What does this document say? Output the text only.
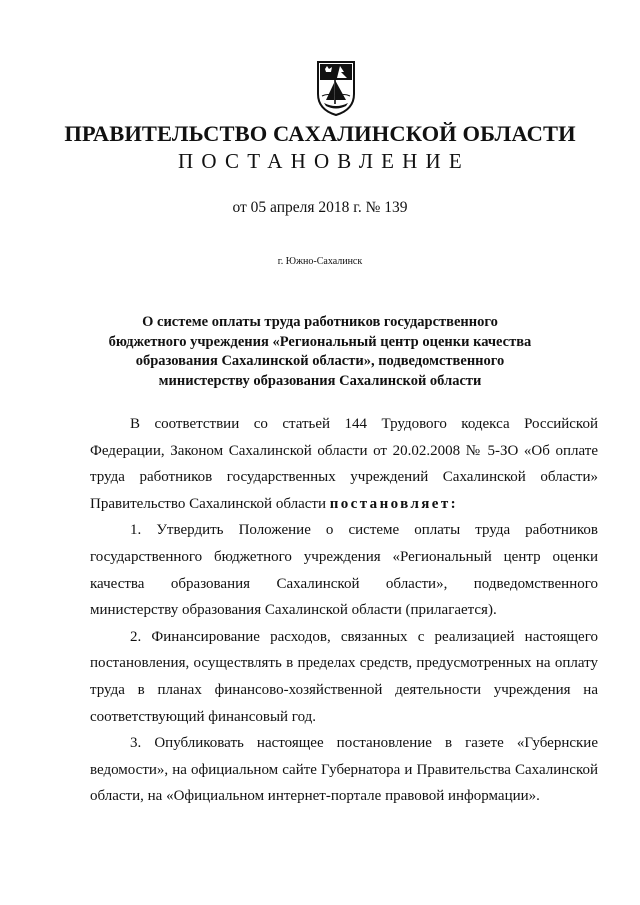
ПРАВИТЕЛЬСТВО САХАЛИНСКОЙ ОБЛАСТИ
ПОСТАНОВЛЕНИЕ
от 05 апреля 2018 г. № 139
г. Южно-Сахалинск
О системе оплаты труда работников государственного
бюджетного учреждения «Региональный центр оценки качества
образования Сахалинской области», подведомственного
министерству образования Сахалинской области

В соответствии со статьей 144 Трудового кодекса Российской Федерации, Законом Сахалинской области от 20.02.2008 № 5-ЗО «Об оплате труда работников государственных учреждений Сахалинской области» Правительство Сахалинской области постановляет:

1. Утвердить Положение о системе оплаты труда работников государственного бюджетного учреждения «Региональный центр оценки качества образования Сахалинской области», подведомственного министерству образования Сахалинской области (прилагается).

2. Финансирование расходов, связанных с реализацией настоящего постановления, осуществлять в пределах средств, предусмотренных на оплату труда в планах финансово-хозяйственной деятельности учреждения на соответствующий финансовый год.

3. Опубликовать настоящее постановление в газете «Губернские ведомости», на официальном сайте Губернатора и Правительства Сахалинской области, на «Официальном интернет-портале правовой информации».
